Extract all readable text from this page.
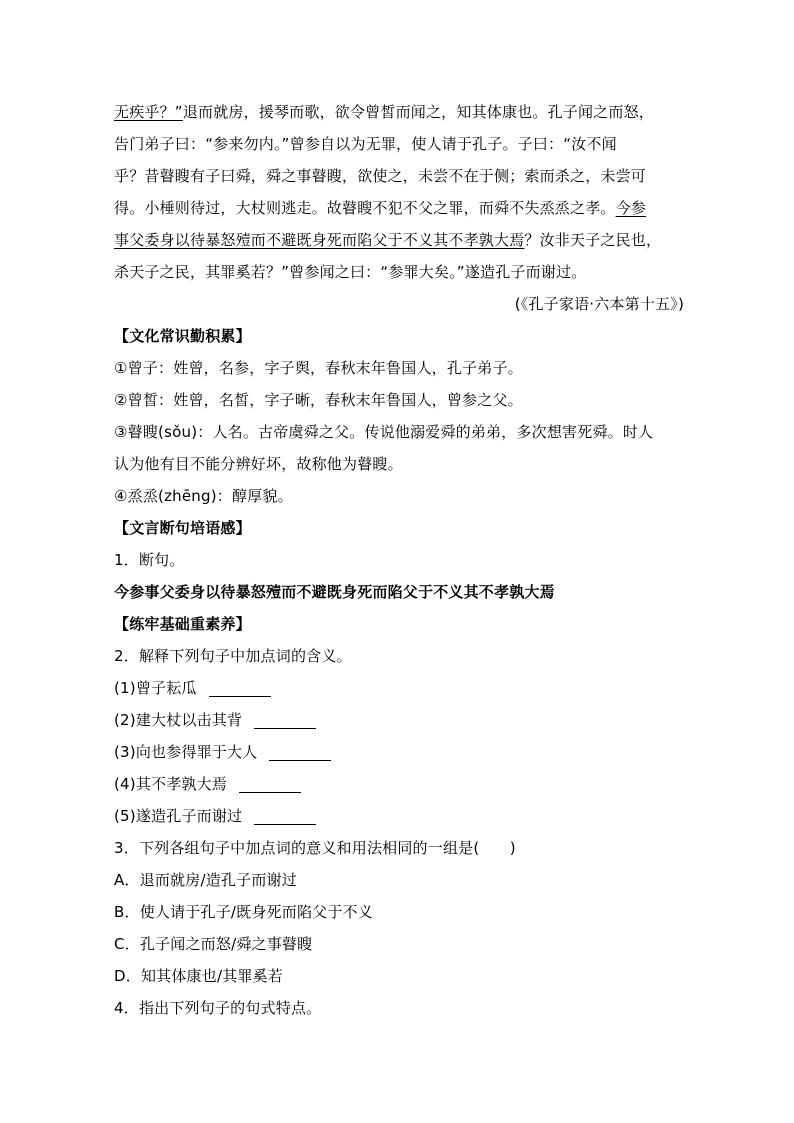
无疾乎？”退而就房，援琴而歌，欲令曾皙而闻之，知其体康也。孔子闻之而怒，
告门弟子曰：“参来勿内。”曾参自以为无罪，使人请于孔子。子曰：“汝不闻
乎？昔瞽瞍有子曰舜，舜之事瞽瞍，欲使之，未尝不在于侧；索而杀之，未尝可
得。小棰则待过，大杖则逃走。故瞽瞍不犯不父之罪，而舜不失烝烝之孝。今参
事父委身以待暴怒殪而不避既身死而陷父于不义其不孝孰大焉？汝非天子之民也，
杀天子之民，其罪奚若？”曾参闻之曰：“参罪大矣。”遂造孔子而谢过。
(《孔子家语·六本第十五》)
【文化常识勤积累】
①曾子：姓曾，名参，字子舆，春秋末年鲁国人，孔子弟子。
②曾皙：姓曾，名皙，字子晰，春秋末年鲁国人，曾参之父。
③瞽瞍(sǒu)：人名。古帝虞舜之父。传说他溺爱舜的弟弟，多次想害死舜。时人
认为他有目不能分辨好坏，故称他为瞽瞍。
④烝烝(zhēng)：醇厚貌。
【文言断句培语感】
1．断句。
今参事父委身以待暴怒殪而不避既身死而陷父于不义其不孝孰大焉
【练牢基础重素养】
2．解释下列句子中加点词的含义。
(1)曾子耘瓜
(2)建大杖以击其背
(3)向也参得罪于大人
(4)其不孝孰大焉
(5)遂造孔子而谢过
3．下列各组句子中加点词的意义和用法相同的一组是(　　)
A．退而就房/造孔子而谢过
B．使人请于孔子/既身死而陷父于不义
C．孔子闻之而怒/舜之事瞽瞍
D．知其体康也/其罪奚若
4．指出下列句子的句式特点。
